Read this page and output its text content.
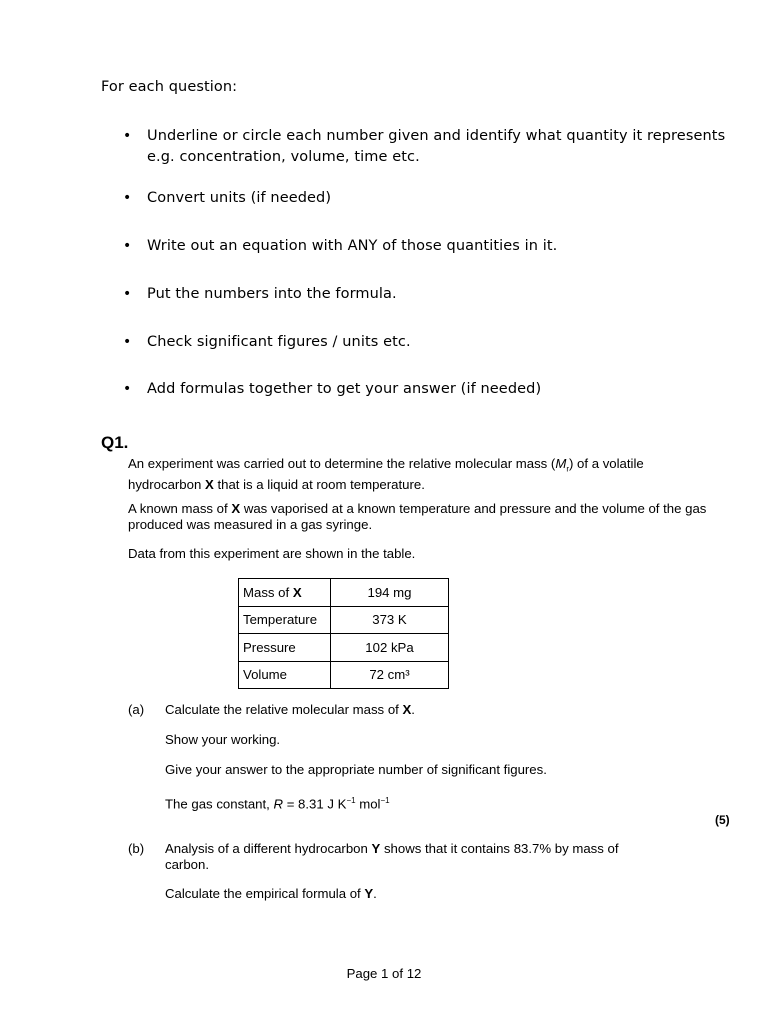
For each question:
• Underline or circle each number given and identify what quantity it represents e.g. concentration, volume, time etc.
• Convert units (if needed)
• Write out an equation with ANY of those quantities in it.
• Put the numbers into the formula.
• Check significant figures / units etc.
• Add formulas together to get your answer (if needed)
Q1.
An experiment was carried out to determine the relative molecular mass $(M_r)$ of a volatile hydrocarbon X that is a liquid at room temperature.
A known mass of X was vaporised at a known temperature and pressure and the volume of the gas produced was measured in a gas syringe.
Data from this experiment are shown in the table.
Mass of X	194 mg
Temperature	373 K
Pressure	102 kPa
Volume	72 cm³
(a) Calculate the relative molecular mass of X.
Show your working.
Give your answer to the appropriate number of significant figures.
The gas constant, R = 8.31 J $K^{-1}$ mol$^{-1}$
(5)
(b) Analysis of a different hydrocarbon Y shows that it contains 83.7% by mass of carbon.
Calculate the empirical formula of Y.
Page 1 of 12
